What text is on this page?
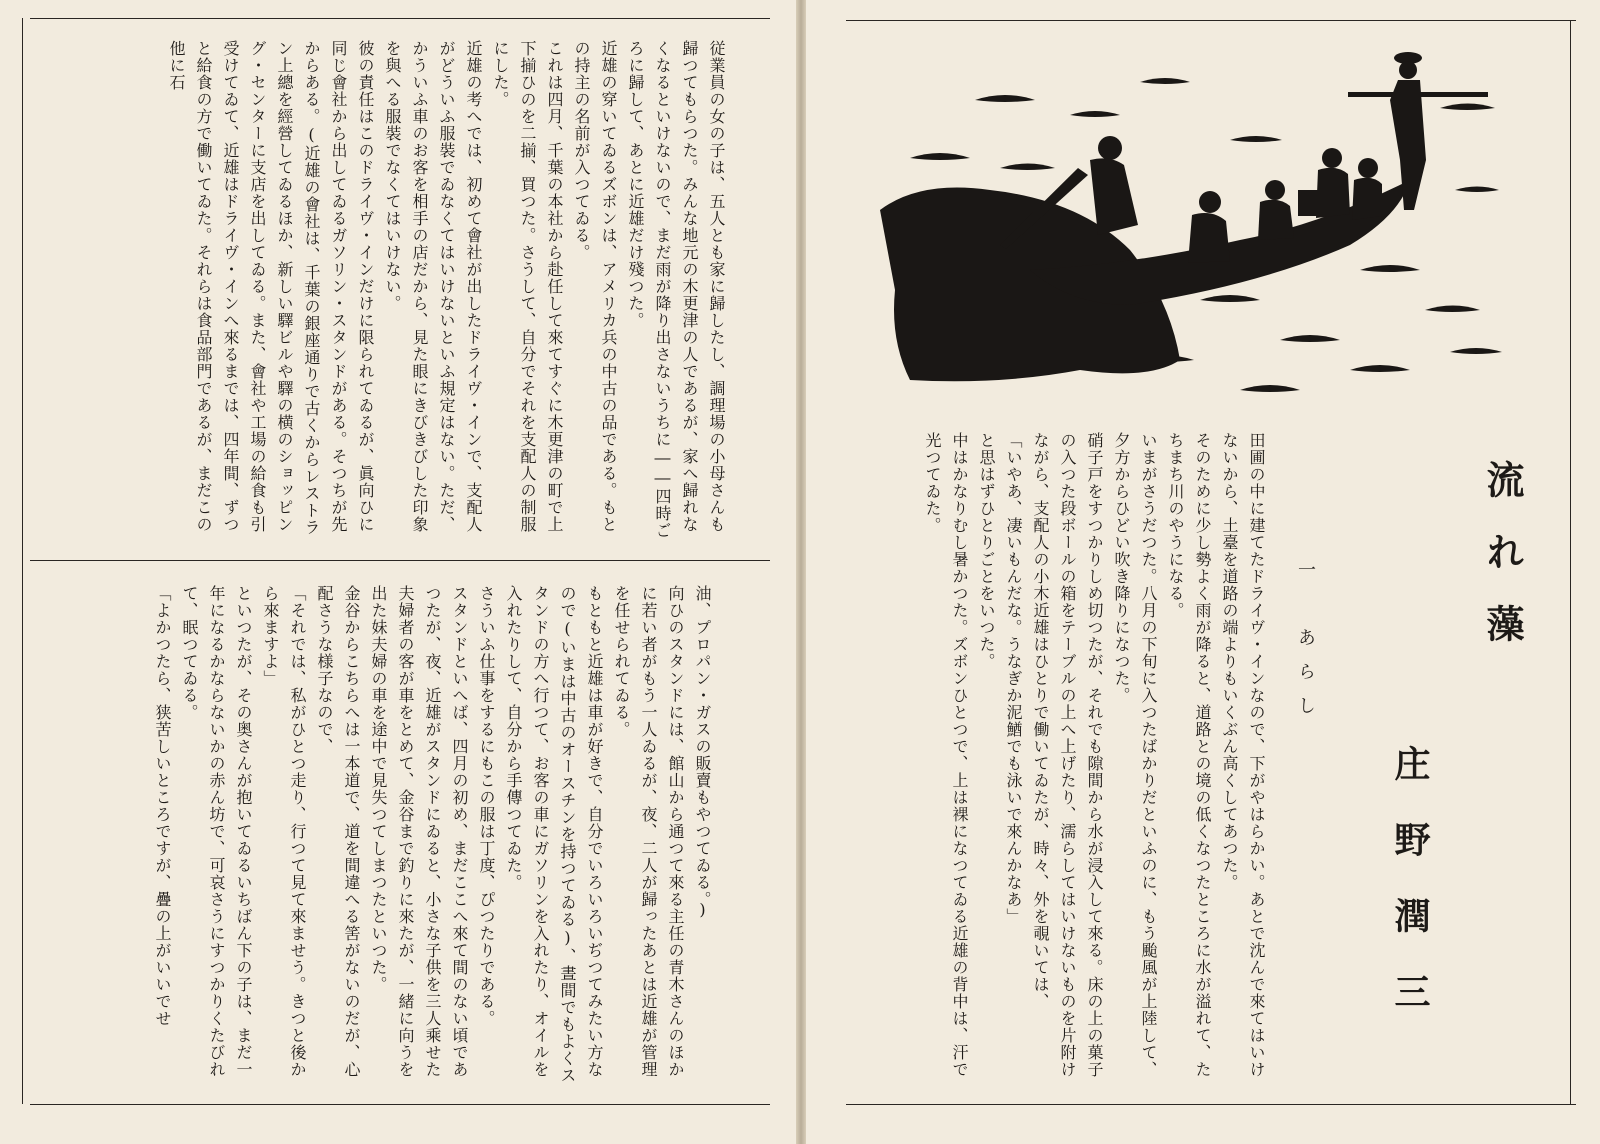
従業員の女の子は、五人とも家に歸したし、調理場の小母さんも歸つてもらつた。みんな地元の木更津の人であるが、家へ歸れなくなるといけないので、まだ雨が降り出さないうちに――四時ごろに歸して、あとに近雄だけ殘つた。
近雄の穿いてゐるズボンは、アメリカ兵の中古の品である。もとの持主の名前が入つてゐる。
これは四月、千葉の本社から赴任して來てすぐに木更津の町で上下揃ひのを二揃、買つた。さうして、自分でそれを支配人の制服にした。
近雄の考へでは、初めて會社が出したドライヴ・インで、支配人がどういふ服裝でゐなくてはいけないといふ規定はない。ただ、かういふ車のお客を相手の店だから、見た眼にきびきびした印象を與へる服裝でなくてはいけない。
彼の責任はこのドライヴ・インだけに限られてゐるが、眞向ひに同じ會社から出してゐるガソリン・スタンドがある。そつちが先からある。(近雄の會社は、千葉の銀座通りで古くからレストラン上總を經營してゐるほか、新しい驛ビルや驛の横のショッピング・センターに支店を出してゐる。また、會社や工場の給食も引受けてゐて、近雄はドライヴ・インへ來るまでは、四年間、ずつと給食の方で働いてゐた。それらは食品部門であるが、まだこの他に石
油、プロパン・ガスの販賣もやつてゐる。)
向ひのスタンドには、館山から通つて來る主任の青木さんのほかに若い者がもう一人ゐるが、夜、二人が歸ったあとは近雄が管理を任せられてゐる。
もともと近雄は車が好きで、自分でいろいろいぢつてみたい方なので(いまは中古のオースチンを持つてゐる)、晝間でもよくスタンドの方へ行つて、お客の車にガソリンを入れたり、オイルを入れたりして、自分から手傳つてゐた。
さういふ仕事をするにもこの服は丁度、ぴつたりである。
スタンドといへば、四月の初め、まだここへ來て間のない頃であつたが、夜、近雄がスタンドにゐると、小さな子供を三人乘せた夫婦者の客が車をとめて、金谷まで釣りに來たが、一緒に向うを出た妹夫婦の車を途中で見失つてしまつたといつた。
金谷からこちらへは一本道で、道を間違へる筈がないのだが、心配さうな様子なので、
「それでは、私がひとつ走り、行つて見て來ませう。きつと後から來ますよ」
といつたが、その奥さんが抱いてゐるいちばん下の子は、まだ一年になるかならないかの赤ん坊で、可哀さうにすつかりくたびれて、眠つてゐる。
「よかつたら、狭苦しいところですが、疊の上がいいでせ
流れ藻
庄野潤三
一　あらし
田圃の中に建てたドライヴ・インなので、下がやはらかい。あとで沈んで來てはいけないから、土臺を道路の端よりもいくぶん高くしてあつた。
そのために少し勢よく雨が降ると、道路との境の低くなつたところに水が溢れて、たちまち川のやうになる。
いまがさうだつた。八月の下旬に入つたばかりだといふのに、もう颱風が上陸して、夕方からひどい吹き降りになつた。
硝子戸をすつかりしめ切つたが、それでも隙間から水が浸入して來る。床の上の菓子の入つた段ボールの箱をテーブルの上へ上げたり、濡らしてはいけないものを片附けながら、支配人の小木近雄はひとりで働いてゐたが、時々、外を覗いては、
「いやあ、凄いもんだな。うなぎか泥鰌でも泳いで來んかなあ」
と思はずひとりごとをいつた。
中はかなりむし暑かつた。ズボンひとつで、上は裸になつてゐる近雄の背中は、汗で光つてゐた。
